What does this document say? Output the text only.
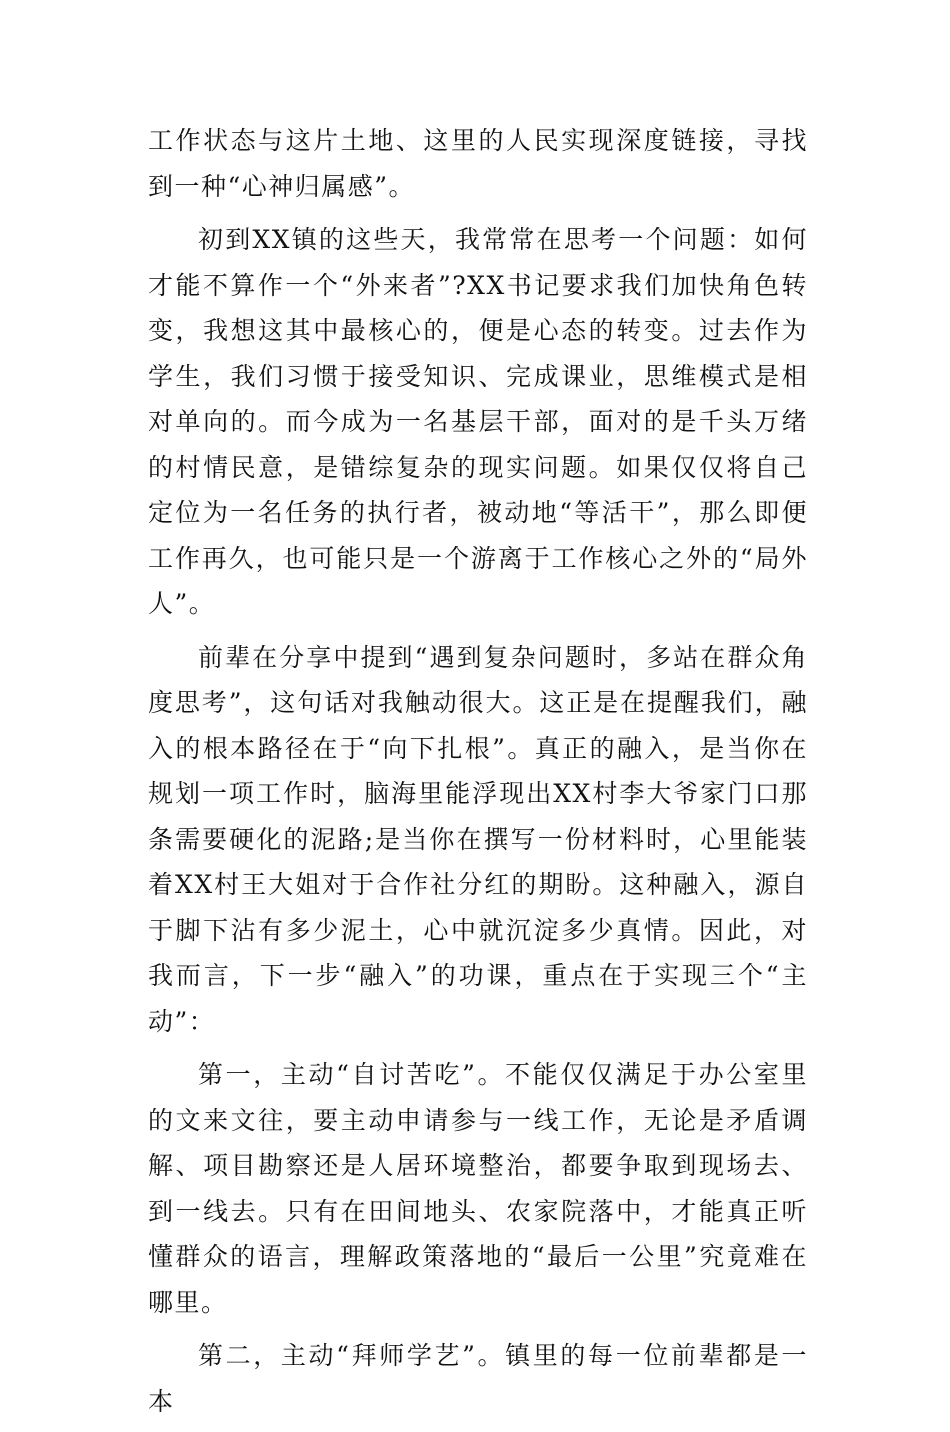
工作状态与这片土地、这里的人民实现深度链接，寻找到一种“心神归属感”。

初到XX镇的这些天，我常常在思考一个问题：如何才能不算作一个“外来者”?XX书记要求我们加快角色转变，我想这其中最核心的，便是心态的转变。过去作为学生，我们习惯于接受知识、完成课业，思维模式是相对单向的。而今成为一名基层干部，面对的是千头万绪的村情民意，是错综复杂的现实问题。如果仅仅将自己定位为一名任务的执行者，被动地“等活干”，那么即便工作再久，也可能只是一个游离于工作核心之外的“局外人”。

前辈在分享中提到“遇到复杂问题时，多站在群众角度思考”，这句话对我触动很大。这正是在提醒我们，融入的根本路径在于“向下扎根”。真正的融入，是当你在规划一项工作时，脑海里能浮现出XX村李大爷家门口那条需要硬化的泥路;是当你在撰写一份材料时，心里能装着XX村王大姐对于合作社分红的期盼。这种融入，源自于脚下沾有多少泥土，心中就沉淀多少真情。因此，对我而言，下一步“融入”的功课，重点在于实现三个“主动”：

第一，主动“自讨苦吃”。不能仅仅满足于办公室里的文来文往，要主动申请参与一线工作，无论是矛盾调解、项目勘察还是人居环境整治，都要争取到现场去、到一线去。只有在田间地头、农家院落中，才能真正听懂群众的语言，理解政策落地的“最后一公里”究竟难在哪里。

第二，主动“拜师学艺”。镇里的每一位前辈都是一本
